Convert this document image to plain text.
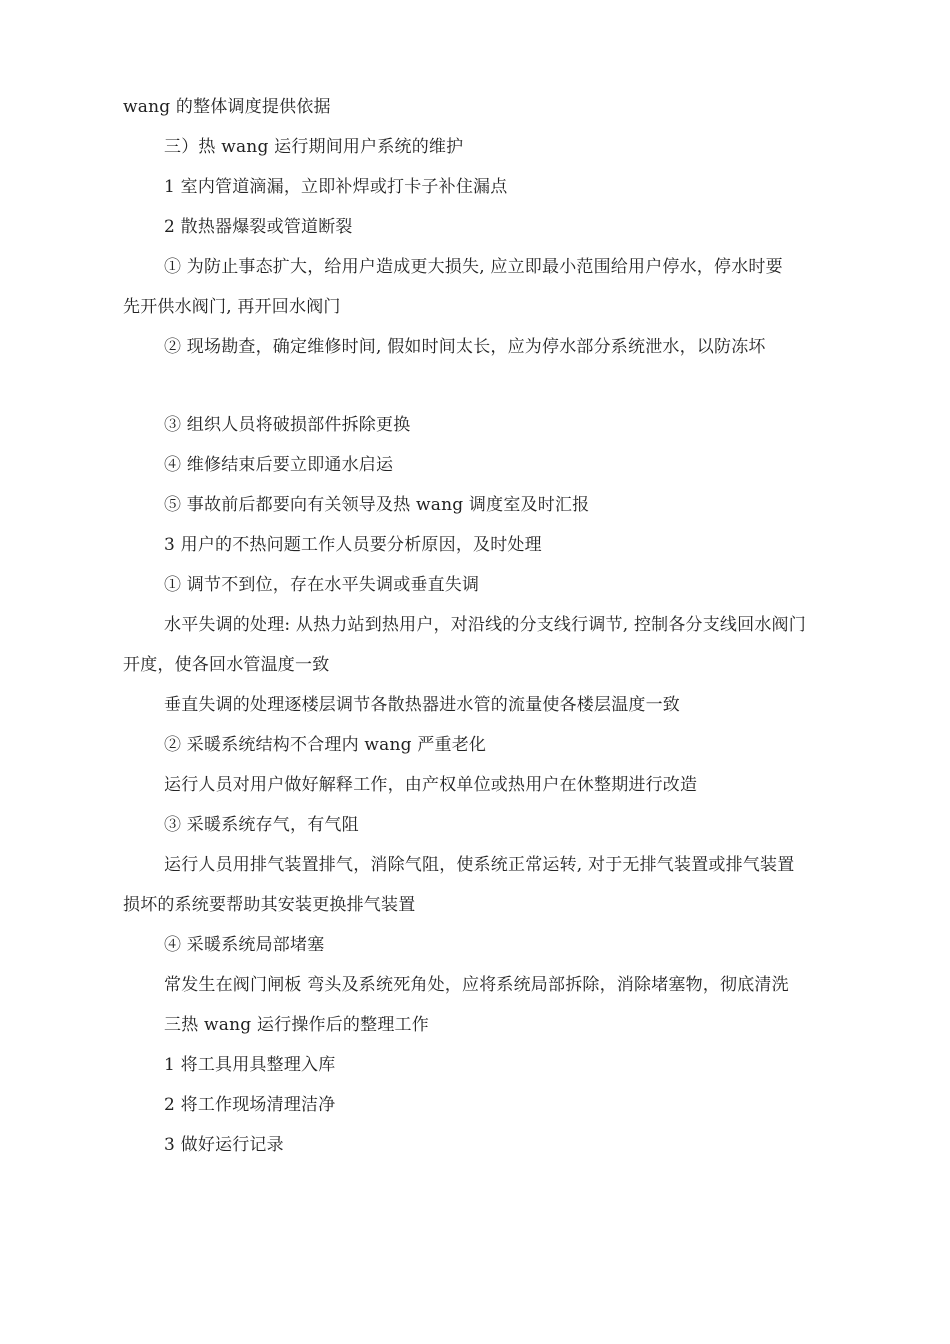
wang 的整体调度提供依据
三）热 wang 运行期间用户系统的维护
1 室内管道滴漏，立即补焊或打卡子补住漏点
2 散热器爆裂或管道断裂
① 为防止事态扩大，给用户造成更大损失, 应立即最小范围给用户停水，停水时要
先开供水阀门, 再开回水阀门
② 现场勘查，确定维修时间, 假如时间太长，应为停水部分系统泄水，以防冻坏
③ 组织人员将破损部件拆除更换
④ 维修结束后要立即通水启运
⑤ 事故前后都要向有关领导及热 wang 调度室及时汇报
3 用户的不热问题工作人员要分析原因，及时处理
① 调节不到位，存在水平失调或垂直失调
水平失调的处理: 从热力站到热用户，对沿线的分支线行调节, 控制各分支线回水阀门
开度，使各回水管温度一致
垂直失调的处理逐楼层调节各散热器进水管的流量使各楼层温度一致
② 采暖系统结构不合理内 wang 严重老化
运行人员对用户做好解释工作，由产权单位或热用户在休整期进行改造
③ 采暖系统存气，有气阻
运行人员用排气装置排气，消除气阻，使系统正常运转, 对于无排气装置或排气装置
损坏的系统要帮助其安装更换排气装置
④ 采暖系统局部堵塞
常发生在阀门闸板 弯头及系统死角处，应将系统局部拆除，消除堵塞物，彻底清洗
三热 wang 运行操作后的整理工作
1 将工具用具整理入库
2 将工作现场清理洁净
3 做好运行记录
